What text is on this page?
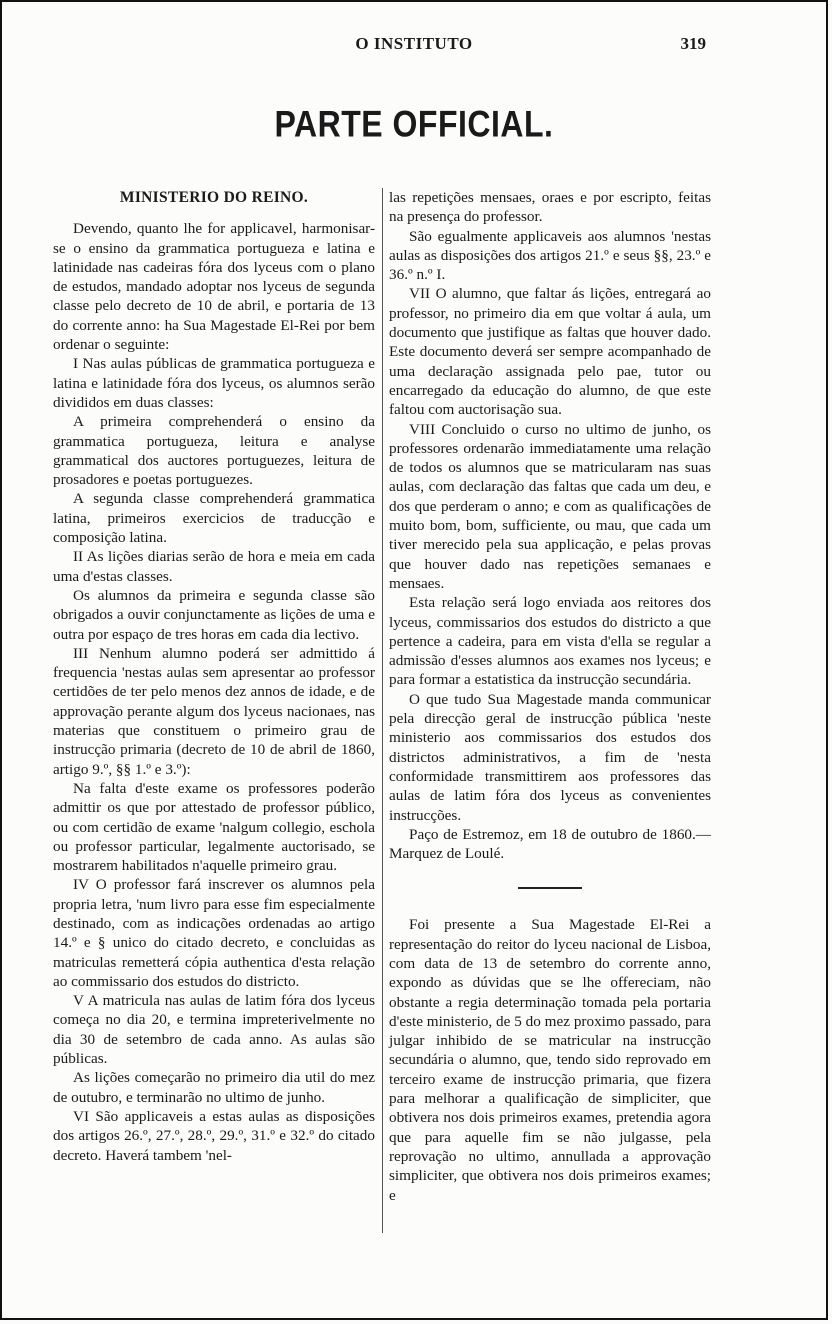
O INSTITUTO	319
PARTE OFFICIAL.
MINISTERIO DO REINO.

Devendo, quanto lhe for applicavel, harmonisar-se o ensino da grammatica portugueza e latina e latinidade nas cadeiras fóra dos lyceus com o plano de estudos, mandado adoptar nos lyceus de segunda classe pelo decreto de 10 de abril, e portaria de 13 do corrente anno: ha Sua Magestade El-Rei por bem ordenar o seguinte:

I Nas aulas públicas de grammatica portugueza e latina e latinidade fóra dos lyceus, os alumnos serão divididos em duas classes:

A primeira comprehenderá o ensino da grammatica portugueza, leitura e analyse grammatical dos auctores portuguezes, leitura de prosadores e poetas portuguezes.

A segunda classe comprehenderá grammatica latina, primeiros exercicios de traducção e composição latina.

II As lições diarias serão de hora e meia em cada uma d'estas classes.

Os alumnos da primeira e segunda classe são obrigados a ouvir conjunctamente as lições de uma e outra por espaço de tres horas em cada dia lectivo.

III Nenhum alumno poderá ser admittido á frequencia 'nestas aulas sem apresentar ao professor certidões de ter pelo menos dez annos de idade, e de approvação perante algum dos lyceus nacionaes, nas materias que constituem o primeiro grau de instrucção primaria (decreto de 10 de abril de 1860, artigo 9.º, §§ 1.º e 3.º):

Na falta d'este exame os professores poderão admittir os que por attestado de professor público, ou com certidão de exame 'nalgum collegio, eschola ou professor particular, legalmente auctorisado, se mostrarem habilitados n'aquelle primeiro grau.

IV O professor fará inscrever os alumnos pela propria letra, 'num livro para esse fim especialmente destinado, com as indicações ordenadas ao artigo 14.º e § unico do citado decreto, e concluidas as matriculas remetterá cópia authentica d'esta relação ao commissario dos estudos do districto.

V A matricula nas aulas de latim fóra dos lyceus começa no dia 20, e termina impreterivelmente no dia 30 de setembro de cada anno. As aulas são públicas.

As lições começarão no primeiro dia util do mez de outubro, e terminarão no ultimo de junho.

VI São applicaveis a estas aulas as disposições dos artigos 26.º, 27.º, 28.º, 29.º, 31.º e 32.º do citado decreto. Haverá tambem 'nel-

las repetições mensaes, oraes e por escripto, feitas na presença do professor.

São egualmente applicaveis aos alumnos 'nestas aulas as disposições dos artigos 21.º e seus §§, 23.º e 36.º n.º I.

VII O alumno, que faltar ás lições, entregará ao professor, no primeiro dia em que voltar á aula, um documento que justifique as faltas que houver dado. Este documento deverá ser sempre acompanhado de uma declaração assignada pelo pae, tutor ou encarregado da educação do alumno, de que este faltou com auctorisação sua.

VIII Concluido o curso no ultimo de junho, os professores ordenarão immediatamente uma relação de todos os alumnos que se matricularam nas suas aulas, com declaração das faltas que cada um deu, e dos que perderam o anno; e com as qualificações de muito bom, bom, sufficiente, ou mau, que cada um tiver merecido pela sua applicação, e pelas provas que houver dado nas repetições semanaes e mensaes.

Esta relação será logo enviada aos reitores dos lyceus, commissarios dos estudos do districto a que pertence a cadeira, para em vista d'ella se regular a admissão d'esses alumnos aos exames nos lyceus; e para formar a estatistica da instrucção secundária.

O que tudo Sua Magestade manda communicar pela direcção geral de instrucção pública 'neste ministerio aos commissarios dos estudos dos districtos administrativos, a fim de 'nesta conformidade transmittirem aos professores das aulas de latim fóra dos lyceus as convenientes instrucções.

Paço de Estremoz, em 18 de outubro de 1860.— Marquez de Loulé.

Foi presente a Sua Magestade El-Rei a representação do reitor do lyceu nacional de Lisboa, com data de 13 de setembro do corrente anno, expondo as dúvidas que se lhe offereciam, não obstante a regia determinação tomada pela portaria d'este ministerio, de 5 do mez proximo passado, para julgar inhibido de se matricular na instrucção secundária o alumno, que, tendo sido reprovado em terceiro exame de instrucção primaria, que fizera para melhorar a qualificação de simpliciter, que obtivera nos dois primeiros exames, pretendia agora que para aquelle fim se não julgasse, pela reprovação no ultimo, annullada a approvação simpliciter, que obtivera nos dois primeiros exames; e
